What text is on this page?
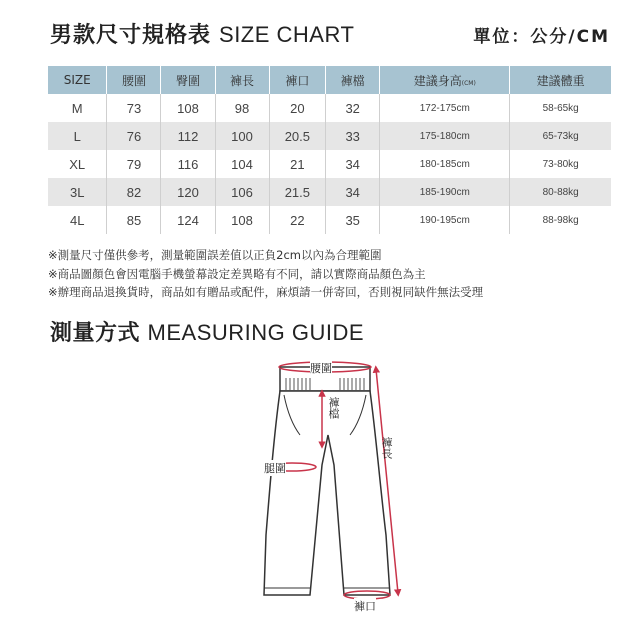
男款尺寸規格表 SIZE CHART	單位：公分/CM
SIZE	腰圍	臀圍	褲長	褲口	褲檔	建議身高(CM)	建議體重
M	73	108	98	20	32	172-175cm	58-65kg
L	76	112	100	20.5	33	175-180cm	65-73kg
XL	79	116	104	21	34	180-185cm	73-80kg
3L	82	120	106	21.5	34	185-190cm	80-88kg
4L	85	124	108	22	35	190-195cm	88-98kg
※測量尺寸僅供參考，測量範圍誤差值以正負2cm以內為合理範圍
※商品圖顏色會因電腦手機螢幕設定差異略有不同，請以實際商品顏色為主
※辦理商品退換貨時，商品如有贈品或配件，麻煩請一併寄回，否則視同缺件無法受理
測量方式 MEASURING GUIDE
腰圍
褲檔
褲長
腿圍
褲口
